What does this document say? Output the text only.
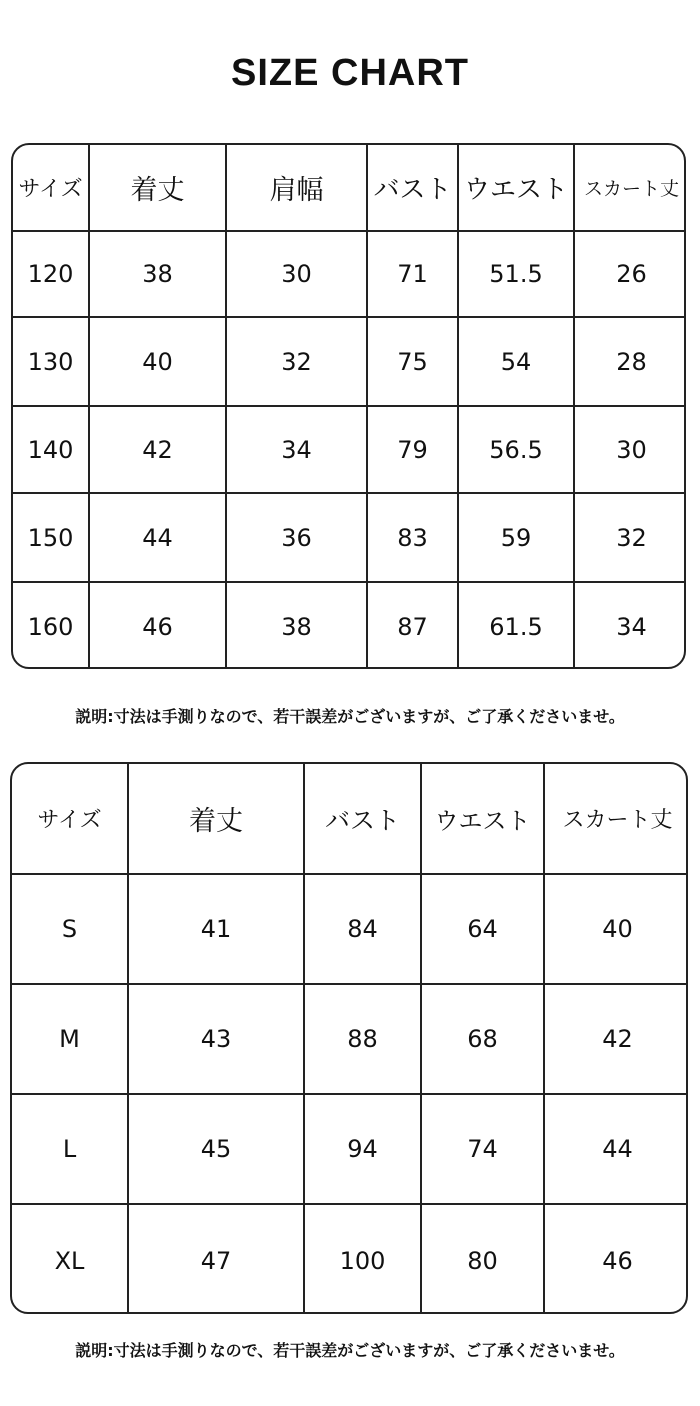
SIZE CHART
サイズ	着丈	肩幅	バスト	ウエスト	スカート丈
120	38	30	71	51.5	26
130	40	32	75	54	28
140	42	34	79	56.5	30
150	44	36	83	59	32
160	46	38	87	61.5	34
説明:寸法は手測りなので、若干誤差がございますが、ご了承くださいませ。
サイズ	着丈	バスト	ウエスト	スカート丈
S	41	84	64	40
M	43	88	68	42
L	45	94	74	44
XL	47	100	80	46
説明:寸法は手測りなので、若干誤差がございますが、ご了承くださいませ。
